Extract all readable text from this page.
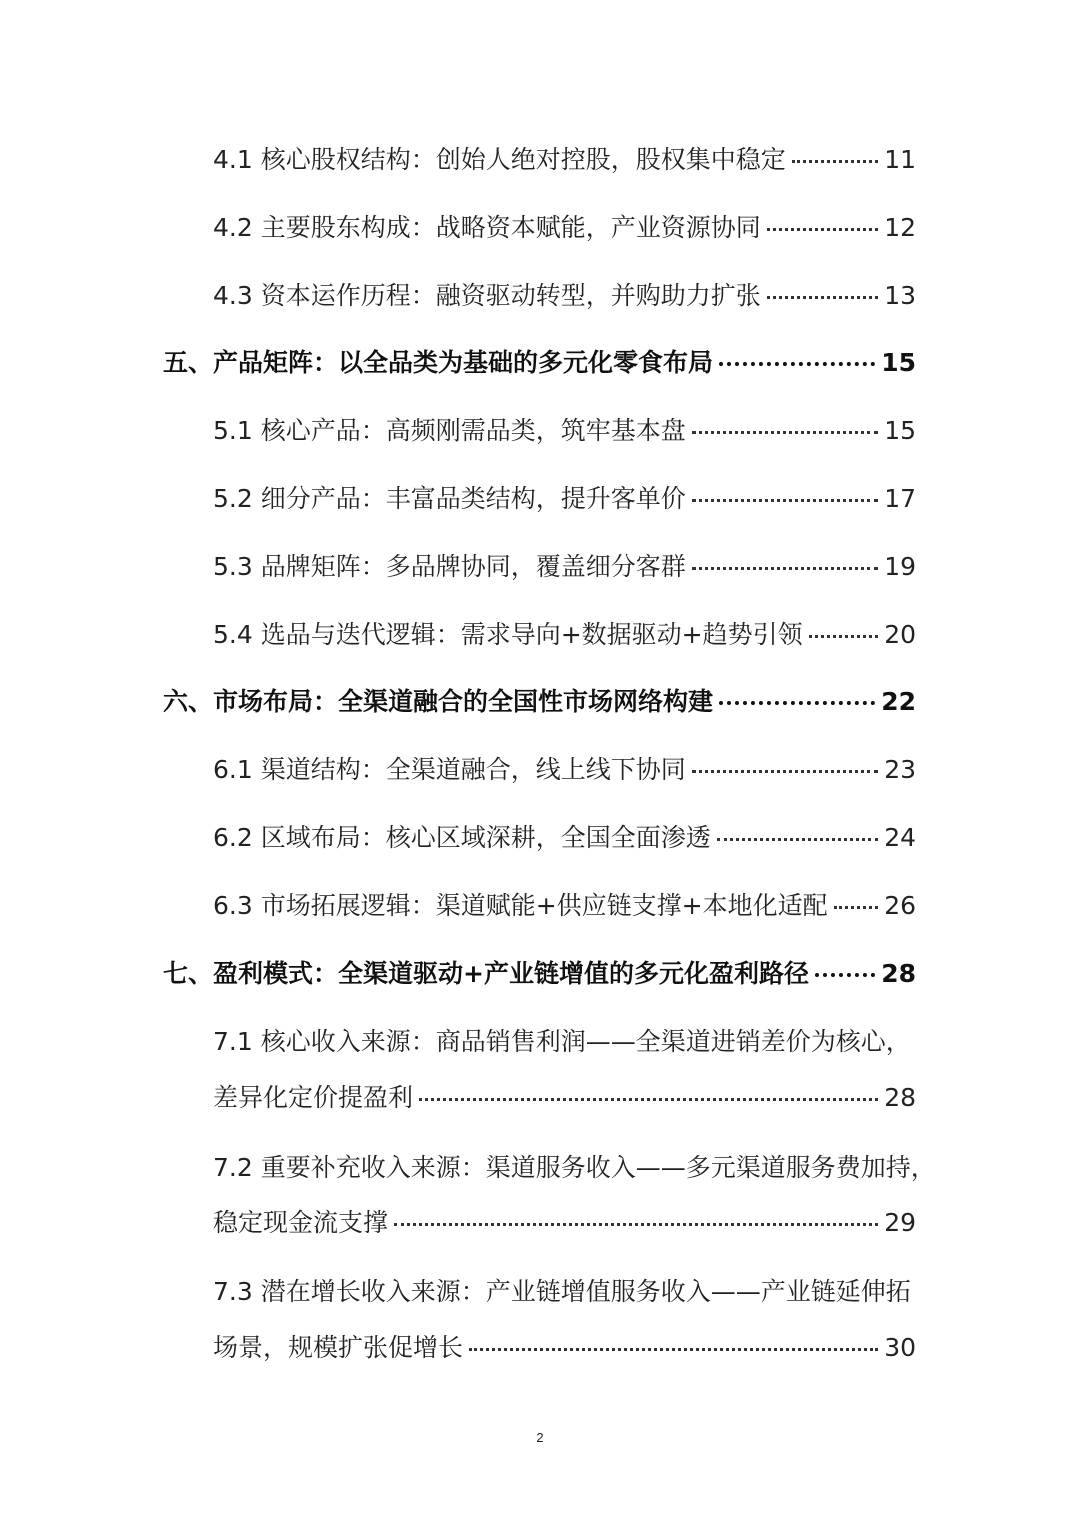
4.1 核心股权结构：创始人绝对控股，股权集中稳定	11
4.2 主要股东构成：战略资本赋能，产业资源协同	12
4.3 资本运作历程：融资驱动转型，并购助力扩张	13
五、产品矩阵：以全品类为基础的多元化零食布局	15
5.1 核心产品：高频刚需品类，筑牢基本盘	15
5.2 细分产品：丰富品类结构，提升客单价	17
5.3 品牌矩阵：多品牌协同，覆盖细分客群	19
5.4 选品与迭代逻辑：需求导向+数据驱动+趋势引领	20
六、市场布局：全渠道融合的全国性市场网络构建	22
6.1 渠道结构：全渠道融合，线上线下协同	23
6.2 区域布局：核心区域深耕，全国全面渗透	24
6.3 市场拓展逻辑：渠道赋能+供应链支撑+本地化适配 26
七、盈利模式：全渠道驱动+产业链增值的多元化盈利路径	28
7.1 核心收入来源：商品销售利润——全渠道进销差价为核心，
差异化定价提盈利	28
7.2 重要补充收入来源：渠道服务收入——多元渠道服务费加持，
稳定现金流支撑	29
7.3 潜在增长收入来源：产业链增值服务收入——产业链延伸拓
场景，规模扩张促增长	30
2
